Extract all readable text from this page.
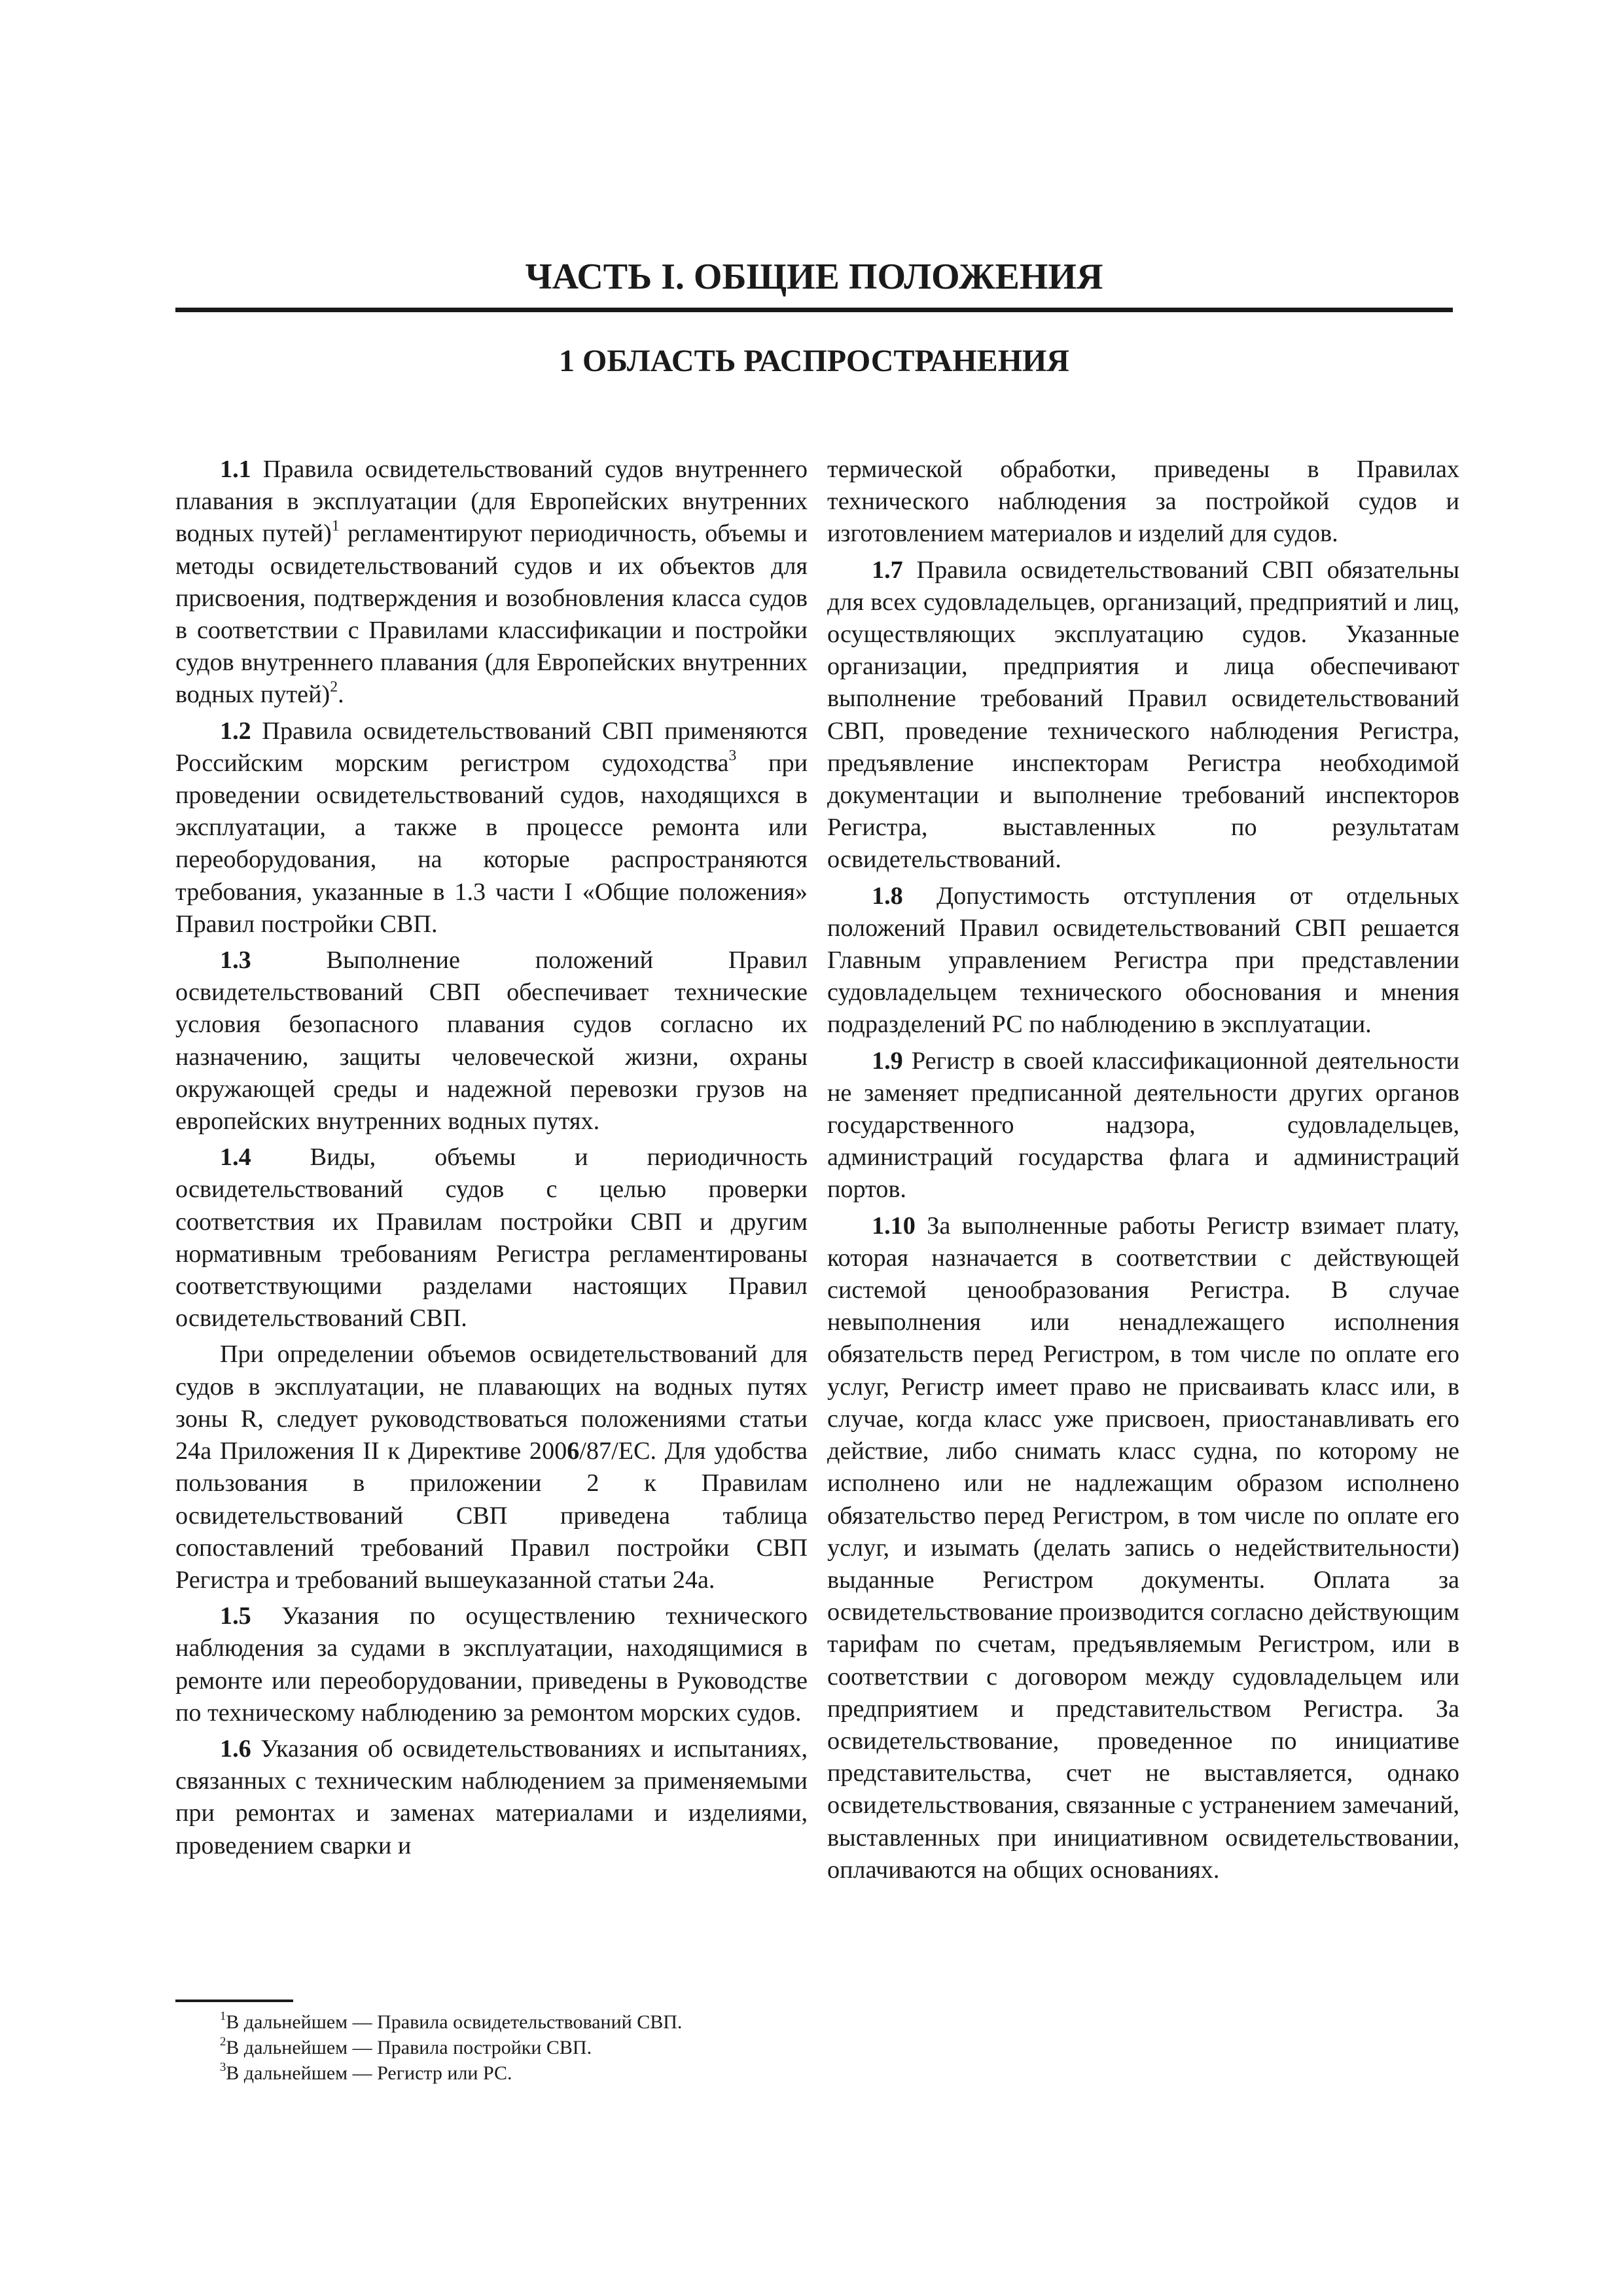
ЧАСТЬ I. ОБЩИЕ ПОЛОЖЕНИЯ
1 ОБЛАСТЬ РАСПРОСТРАНЕНИЯ

1.1 Правила освидетельствований судов внутреннего плавания в эксплуатации (для Европейских внутренних водных путей)$^1$ регламентируют периодичность, объемы и методы освидетельствований судов и их объектов для присвоения, подтверждения и возобновления класса судов в соответствии с Правилами классификации и постройки судов внутреннего плавания (для Европейских внутренних водных путей)$^2$.

1.2 Правила освидетельствований СВП применяются Российским морским регистром судоходства$^3$ при проведении освидетельствований судов, находящихся в эксплуатации, а также в процессе ремонта или переоборудования, на которые распространяются требования, указанные в 1.3 части I «Общие положения» Правил постройки СВП.

1.3 Выполнение положений Правил освидетельствований СВП обеспечивает технические условия безопасного плавания судов согласно их назначению, защиты человеческой жизни, охраны окружающей среды и надежной перевозки грузов на европейских внутренних водных путях.

1.4 Виды, объемы и периодичность освидетельствований судов с целью проверки соответствия их Правилам постройки СВП и другим нормативным требованиям Регистра регламентированы соответствующими разделами настоящих Правил освидетельствований СВП.

При определении объемов освидетельствований для судов в эксплуатации, не плавающих на водных путях зоны R, следует руководствоваться положениями статьи 24a Приложения II к Директиве 2006/87/EC. Для удобства пользования в приложении 2 к Правилам освидетельствований СВП приведена таблица сопоставлений требований Правил постройки СВП Регистра и требований вышеуказанной статьи 24a.

1.5 Указания по осуществлению технического наблюдения за судами в эксплуатации, находящимися в ремонте или переоборудовании, приведены в Руководстве по техническому наблюдению за ремонтом морских судов.

1.6 Указания об освидетельствованиях и испытаниях, связанных с техническим наблюдением за применяемыми при ремонтах и заменах материалами и изделиями, проведением сварки и

термической обработки, приведены в Правилах технического наблюдения за постройкой судов и изготовлением материалов и изделий для судов.

1.7 Правила освидетельствований СВП обязательны для всех судовладельцев, организаций, предприятий и лиц, осуществляющих эксплуатацию судов. Указанные организации, предприятия и лица обеспечивают выполнение требований Правил освидетельствований СВП, проведение технического наблюдения Регистра, предъявление инспекторам Регистра необходимой документации и выполнение требований инспекторов Регистра, выставленных по результатам освидетельствований.

1.8 Допустимость отступления от отдельных положений Правил освидетельствований СВП решается Главным управлением Регистра при представлении судовладельцем технического обоснования и мнения подразделений РС по наблюдению в эксплуатации.

1.9 Регистр в своей классификационной деятельности не заменяет предписанной деятельности других органов государственного надзора, судовладельцев, администраций государства флага и администраций портов.

1.10 За выполненные работы Регистр взимает плату, которая назначается в соответствии с действующей системой ценообразования Регистра. В случае невыполнения или ненадлежащего исполнения обязательств перед Регистром, в том числе по оплате его услуг, Регистр имеет право не присваивать класс или, в случае, когда класс уже присвоен, приостанавливать его действие, либо снимать класс судна, по которому не исполнено или не надлежащим образом исполнено обязательство перед Регистром, в том числе по оплате его услуг, и изымать (делать запись о недействительности) выданные Регистром документы. Оплата за освидетельствование производится согласно действующим тарифам по счетам, предъявляемым Регистром, или в соответствии с договором между судовладельцем или предприятием и представительством Регистра. За освидетельствование, проведенное по инициативе представительства, счет не выставляется, однако освидетельствования, связанные с устранением замечаний, выставленных при инициативном освидетельствовании, оплачиваются на общих основаниях.

$^1$В дальнейшем — Правила освидетельствований СВП.
$^2$В дальнейшем — Правила постройки СВП.
$^3$В дальнейшем — Регистр или РС.
